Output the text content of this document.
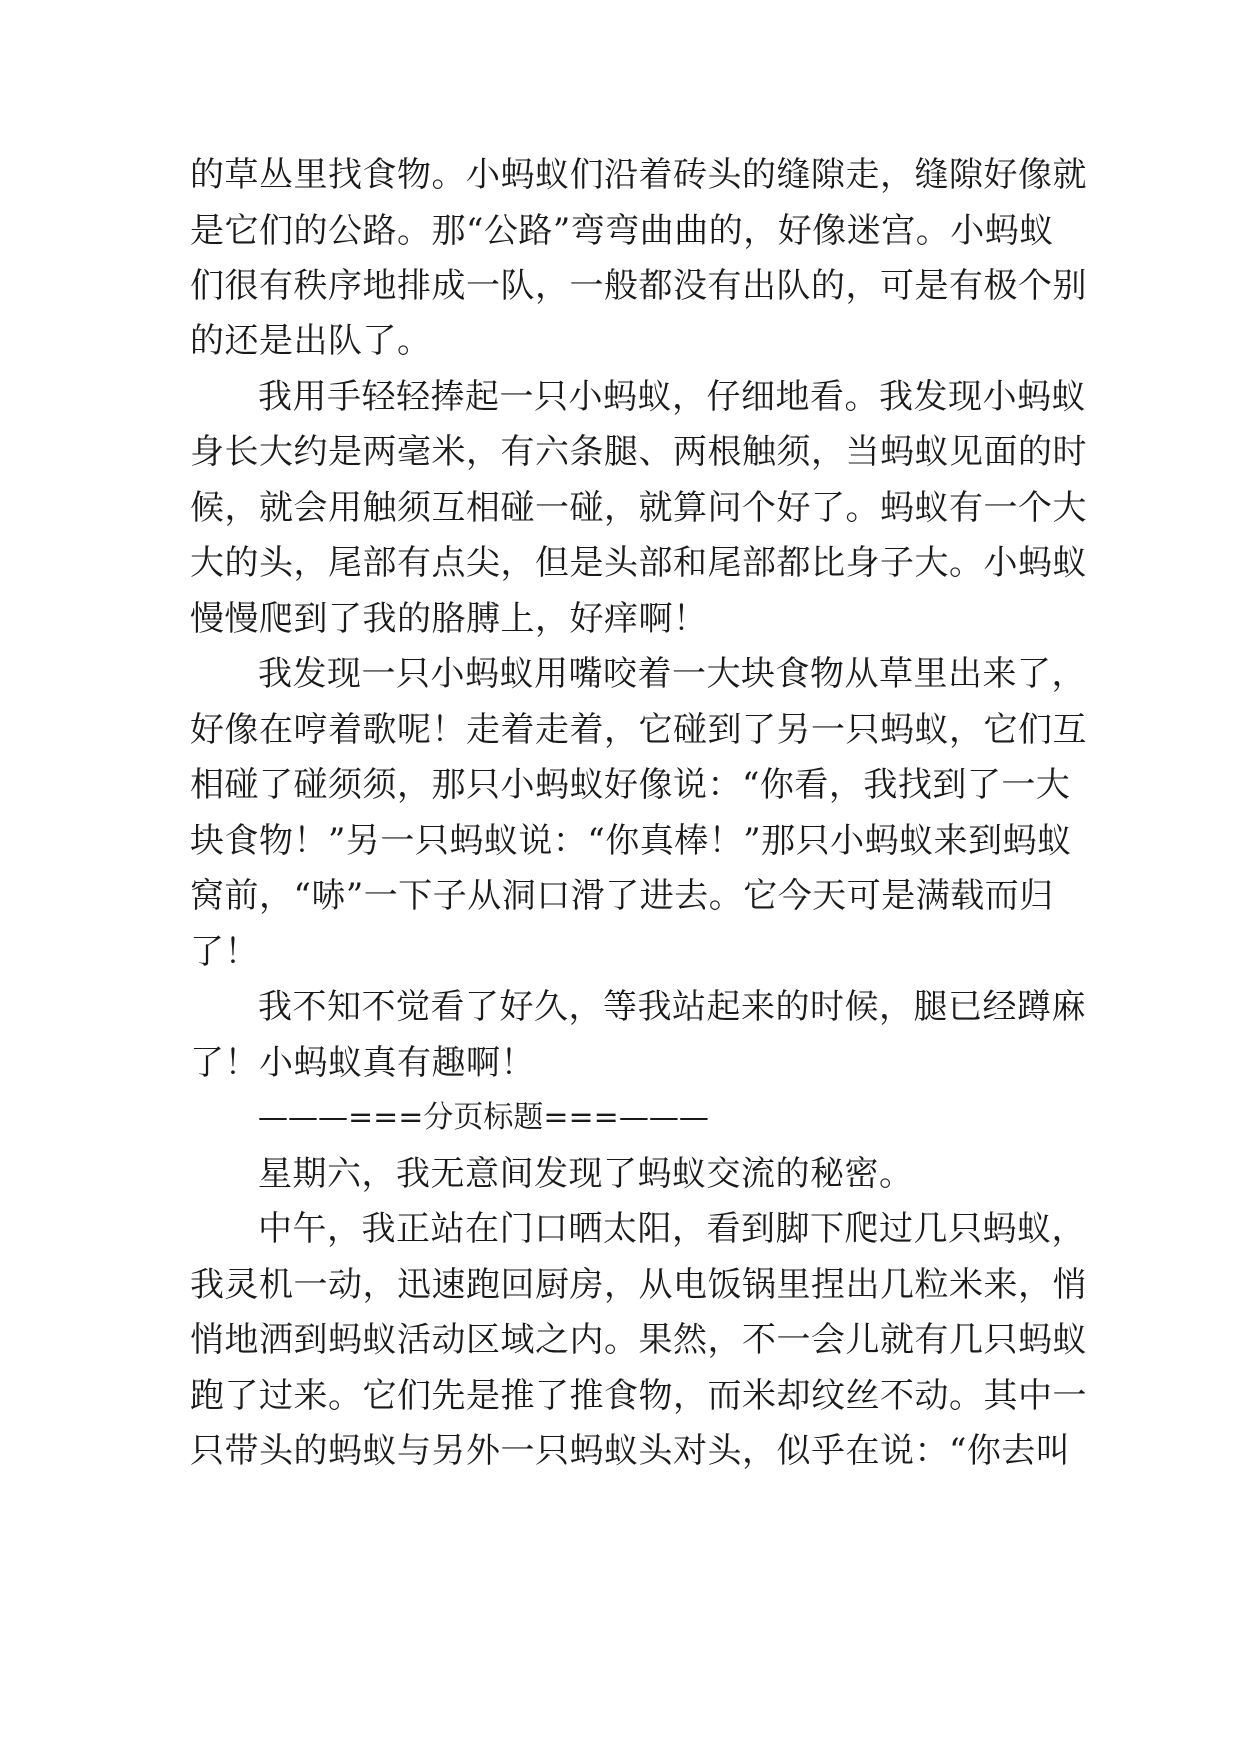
的草丛里找食物。小蚂蚁们沿着砖头的缝隙走，缝隙好像就
是它们的公路。那“公路”弯弯曲曲的，好像迷宫。小蚂蚁
们很有秩序地排成一队，一般都没有出队的，可是有极个别
的还是出队了。
我用手轻轻捧起一只小蚂蚁，仔细地看。我发现小蚂蚁
身长大约是两毫米，有六条腿、两根触须，当蚂蚁见面的时
候，就会用触须互相碰一碰，就算问个好了。蚂蚁有一个大
大的头，尾部有点尖，但是头部和尾部都比身子大。小蚂蚁
慢慢爬到了我的胳膊上，好痒啊！
我发现一只小蚂蚁用嘴咬着一大块食物从草里出来了，
好像在哼着歌呢！走着走着，它碰到了另一只蚂蚁，它们互
相碰了碰须须，那只小蚂蚁好像说：“你看，我找到了一大
块食物！”另一只蚂蚁说：“你真棒！”那只小蚂蚁来到蚂蚁
窝前，“哧”一下子从洞口滑了进去。它今天可是满载而归
了！
我不知不觉看了好久，等我站起来的时候，腿已经蹲麻
了！小蚂蚁真有趣啊！
———===分页标题===———
星期六，我无意间发现了蚂蚁交流的秘密。
中午，我正站在门口晒太阳，看到脚下爬过几只蚂蚁，
我灵机一动，迅速跑回厨房，从电饭锅里捏出几粒米来，悄
悄地洒到蚂蚁活动区域之内。果然，不一会儿就有几只蚂蚁
跑了过来。它们先是推了推食物，而米却纹丝不动。其中一
只带头的蚂蚁与另外一只蚂蚁头对头，似乎在说：“你去叫
